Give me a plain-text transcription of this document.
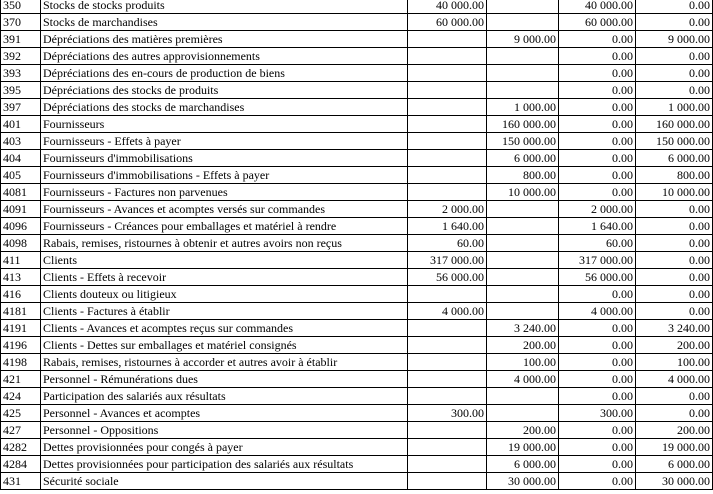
350	Stocks de stocks produits	40 000.00		40 000.00	0.00
370	Stocks de marchandises	60 000.00		60 000.00	0.00
391	Dépréciations des matières premières		9 000.00	0.00	9 000.00
392	Dépréciations des autres approvisionnements			0.00	0.00
393	Dépréciations des en-cours de production de biens			0.00	0.00
395	Dépréciations des stocks de produits			0.00	0.00
397	Dépréciations des stocks de marchandises		1 000.00	0.00	1 000.00
401	Fournisseurs		160 000.00	0.00	160 000.00
403	Fournisseurs - Effets à payer		150 000.00	0.00	150 000.00
404	Fournisseurs d'immobilisations		6 000.00	0.00	6 000.00
405	Fournisseurs d'immobilisations - Effets à payer		800.00	0.00	800.00
4081	Fournisseurs - Factures non parvenues		10 000.00	0.00	10 000.00
4091	Fournisseurs - Avances et acomptes versés sur commandes	2 000.00		2 000.00	0.00
4096	Fournisseurs - Créances pour emballages et matériel à rendre	1 640.00		1 640.00	0.00
4098	Rabais, remises, ristournes à obtenir et autres avoirs non reçus	60.00		60.00	0.00
411	Clients	317 000.00		317 000.00	0.00
413	Clients - Effets à recevoir	56 000.00		56 000.00	0.00
416	Clients douteux ou litigieux			0.00	0.00
4181	Clients - Factures à établir	4 000.00		4 000.00	0.00
4191	Clients - Avances et acomptes reçus sur commandes		3 240.00	0.00	3 240.00
4196	Clients - Dettes sur emballages et matériel consignés		200.00	0.00	200.00
4198	Rabais, remises, ristournes à accorder et autres avoir à établir		100.00	0.00	100.00
421	Personnel - Rémunérations dues		4 000.00	0.00	4 000.00
424	Participation des salariés aux résultats			0.00	0.00
425	Personnel - Avances et acomptes	300.00		300.00	0.00
427	Personnel - Oppositions		200.00	0.00	200.00
4282	Dettes provisionnées pour congés à payer		19 000.00	0.00	19 000.00
4284	Dettes provisionnées pour participation des salariés aux résultats		6 000.00	0.00	6 000.00
431	Sécurité sociale		30 000.00	0.00	30 000.00
